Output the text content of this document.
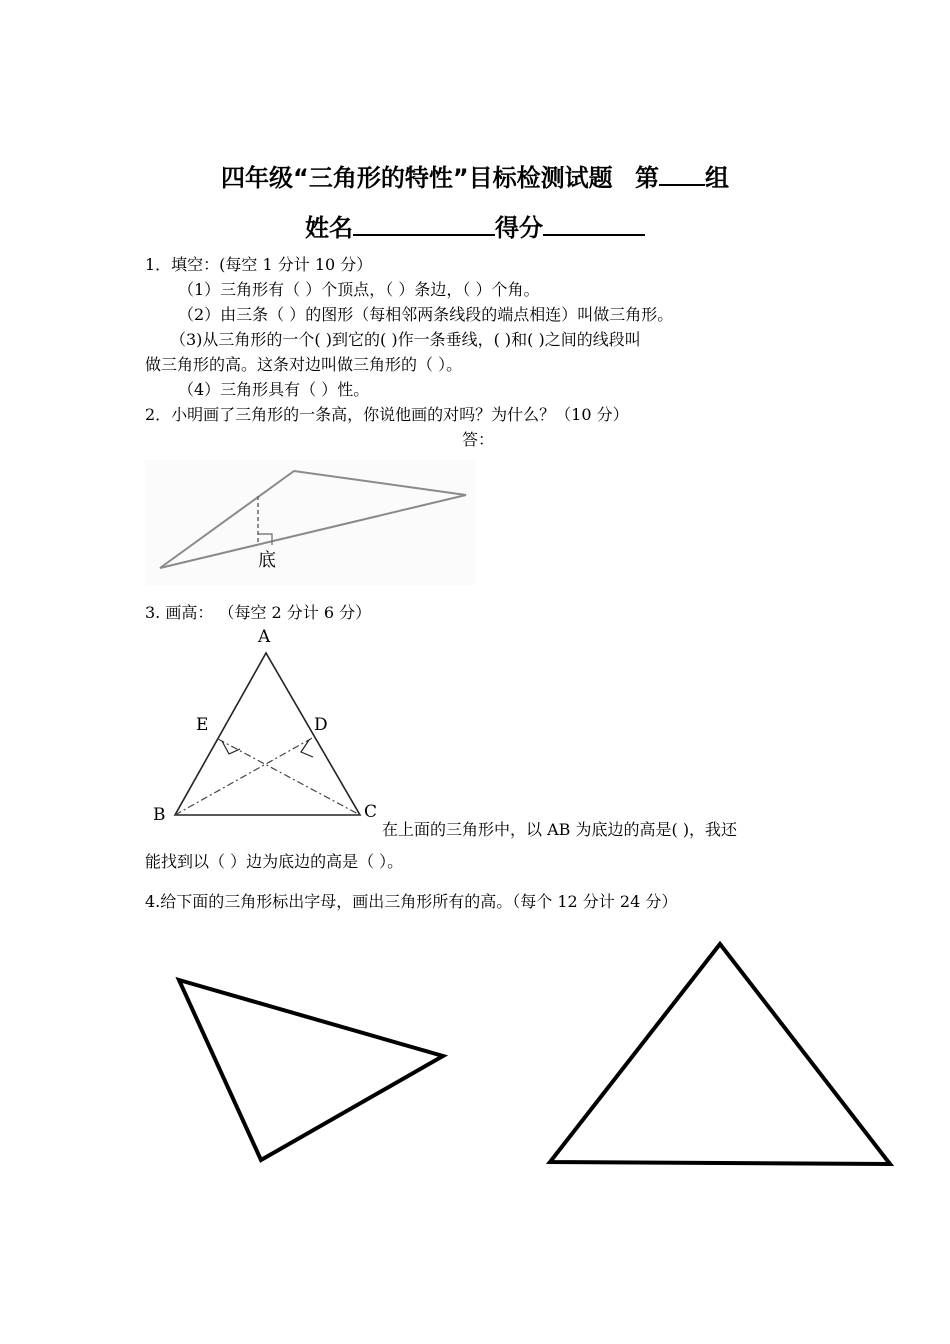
四年级“三角形的特性”目标检测试题 第 组
姓名	得分
1．填空：(每空 1 分计 10 分）
（1）三角形有（ ）个顶点，（ ）条边，（ ）个角。
（2）由三条（ ）的图形（每相邻两条线段的端点相连）叫做三角形。
（3)从三角形的一个( )到它的( )作一条垂线，( )和( )之间的线段叫
做三角形的高。这条对边叫做三角形的（ ）。
（4）三角形具有（ ）性。
2．小明画了三角形的一条高，你说他画的对吗？为什么？（10 分）
答：
底
3. 画高： （每空 2 分计 6 分）
A
B	C
D
E
在上面的三角形中，以 AB 为底边的高是( )，我还
能找到以（ ）边为底边的高是（ ）。
4.给下面的三角形标出字母，画出三角形所有的高。（每个 12 分计 24 分）
